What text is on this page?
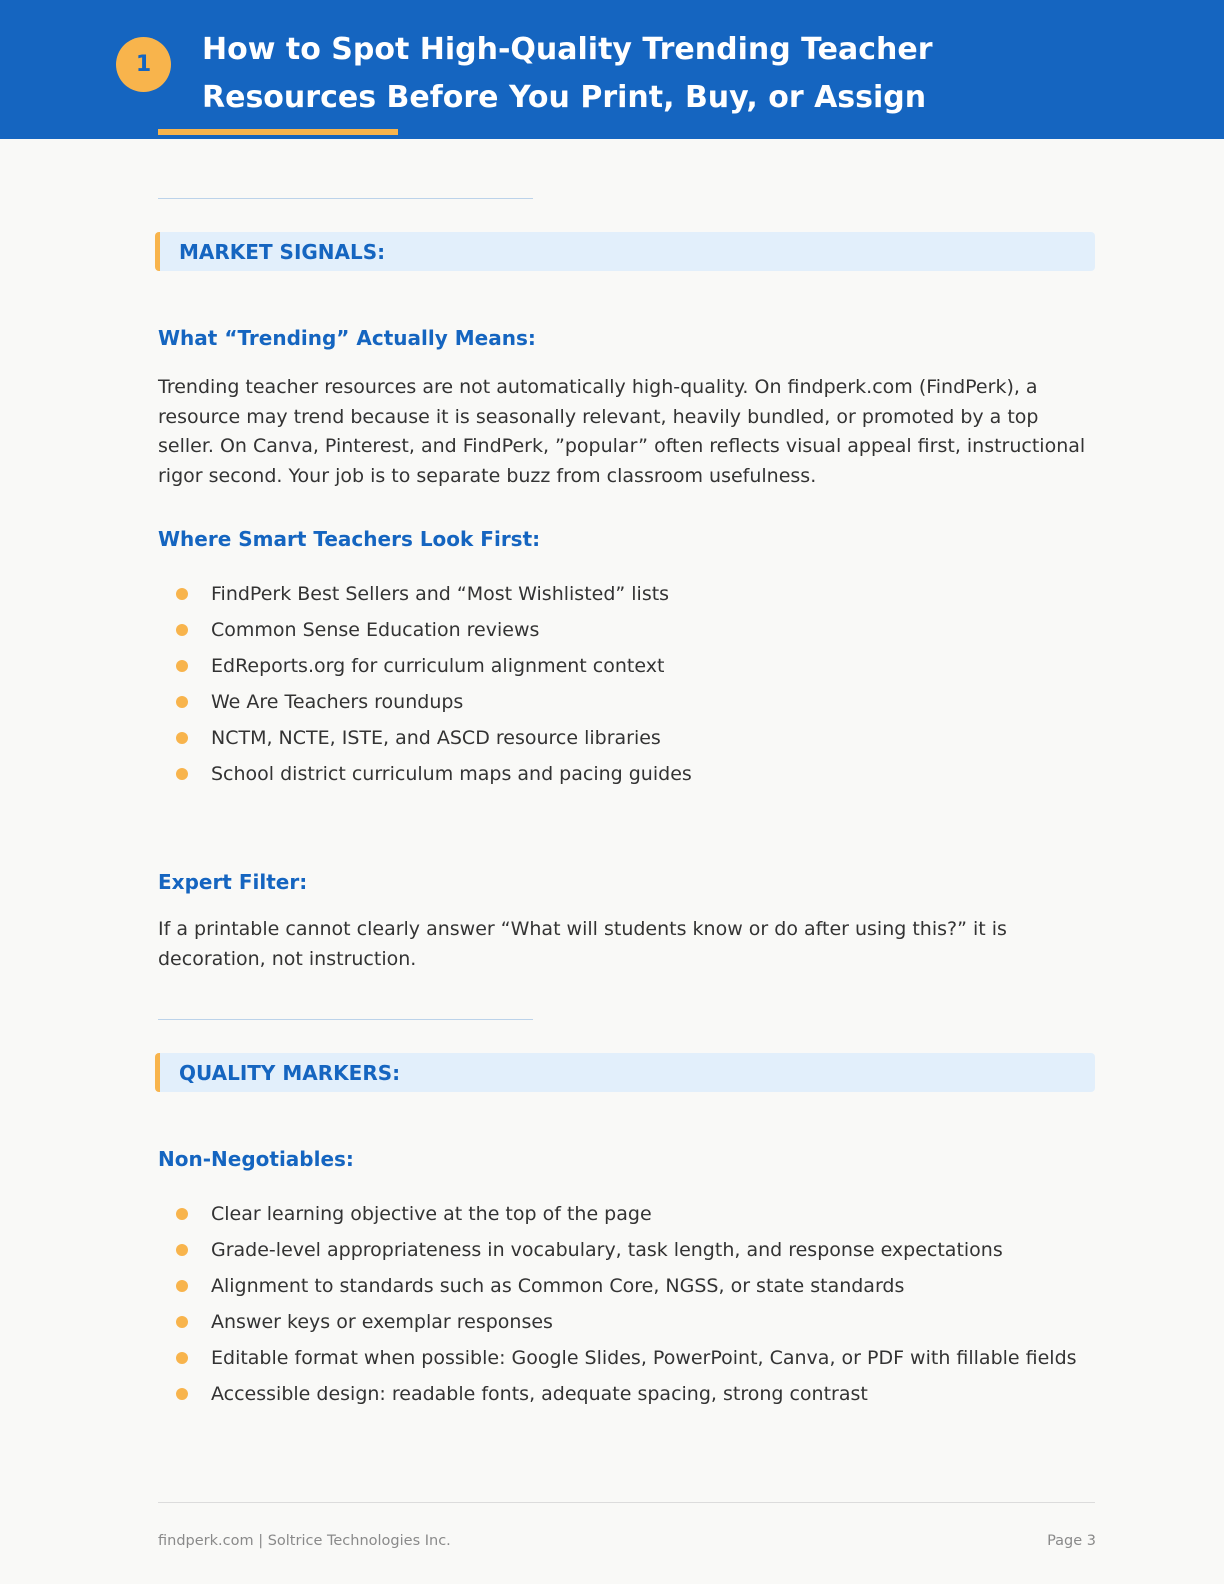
1	How to Spot High-Quality Trending Teacher Resources Before You Print, Buy, or Assign
MARKET SIGNALS:
What “Trending” Actually Means:
Trending teacher resources are not automatically high-quality. On findperk.com (FindPerk), a resource may trend because it is seasonally relevant, heavily bundled, or promoted by a top seller. On Canva, Pinterest, and FindPerk, ”popular” often reflects visual appeal first, instructional rigor second. Your job is to separate buzz from classroom usefulness.
Where Smart Teachers Look First:
FindPerk Best Sellers and “Most Wishlisted” lists
Common Sense Education reviews
EdReports.org for curriculum alignment context
We Are Teachers roundups
NCTM, NCTE, ISTE, and ASCD resource libraries
School district curriculum maps and pacing guides
Expert Filter:
If a printable cannot clearly answer “What will students know or do after using this?” it is decoration, not instruction.
QUALITY MARKERS:
Non-Negotiables:
Clear learning objective at the top of the page
Grade-level appropriateness in vocabulary, task length, and response expectations
Alignment to standards such as Common Core, NGSS, or state standards
Answer keys or exemplar responses
Editable format when possible: Google Slides, PowerPoint, Canva, or PDF with fillable fields
Accessible design: readable fonts, adequate spacing, strong contrast
findperk.com | Soltrice Technologies Inc.	Page 3
